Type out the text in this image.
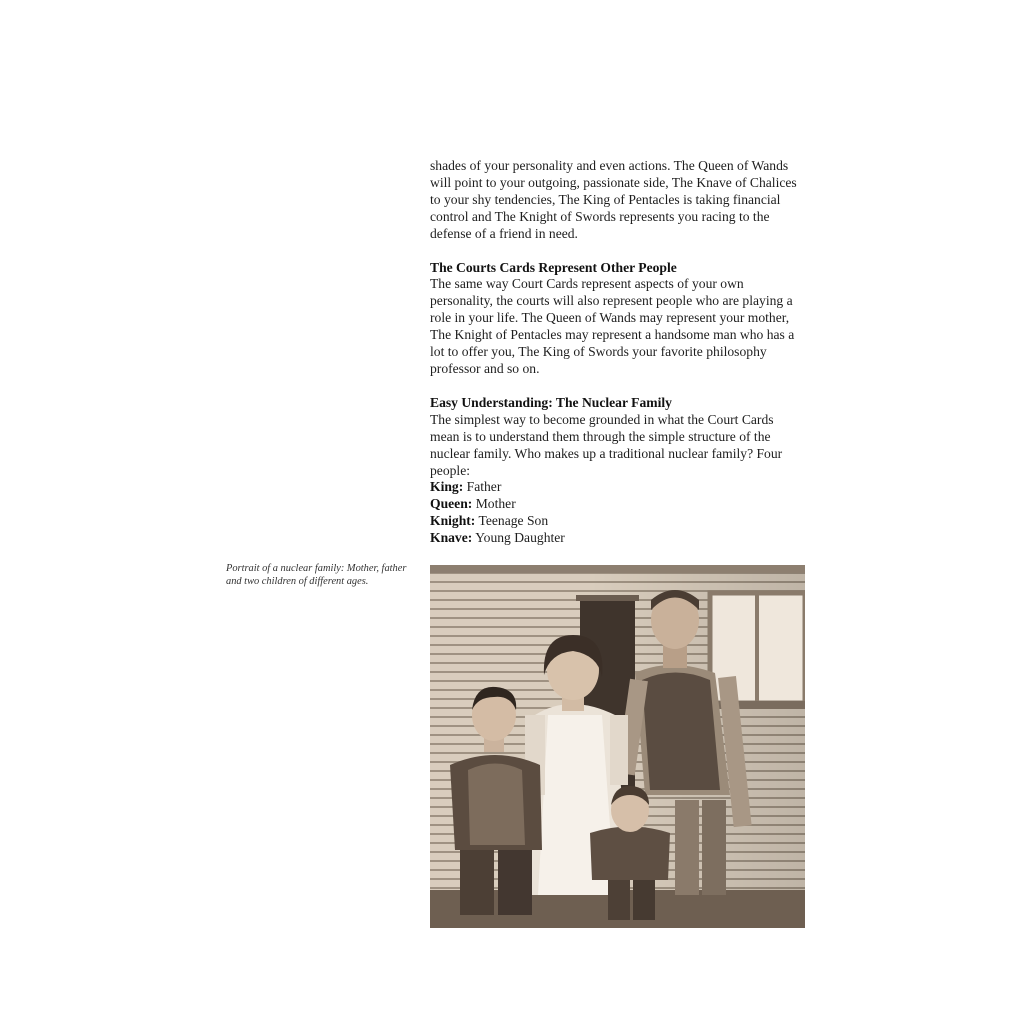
shades of your personality and even actions. The Queen of Wands will point to your outgoing, passionate side, The Knave of Chalices to your shy tendencies, The King of Pentacles is taking financial control and The Knight of Swords represents you racing to the defense of a friend in need.

The Courts Cards Represent Other People

The same way Court Cards represent aspects of your own personality, the courts will also represent people who are playing a role in your life. The Queen of Wands may represent your mother, The Knight of Pentacles may represent a handsome man who has a lot to offer you, The King of Swords your favorite philosophy professor and so on.

Easy Understanding: The Nuclear Family

The simplest way to become grounded in what the Court Cards mean is to understand them through the simple structure of the nuclear family. Who makes up a traditional nuclear family? Four people:

King: Father
Queen: Mother
Knight: Teenage Son
Knave: Young Daughter
Portrait of a nuclear family: Mother, father and two children of different ages.
